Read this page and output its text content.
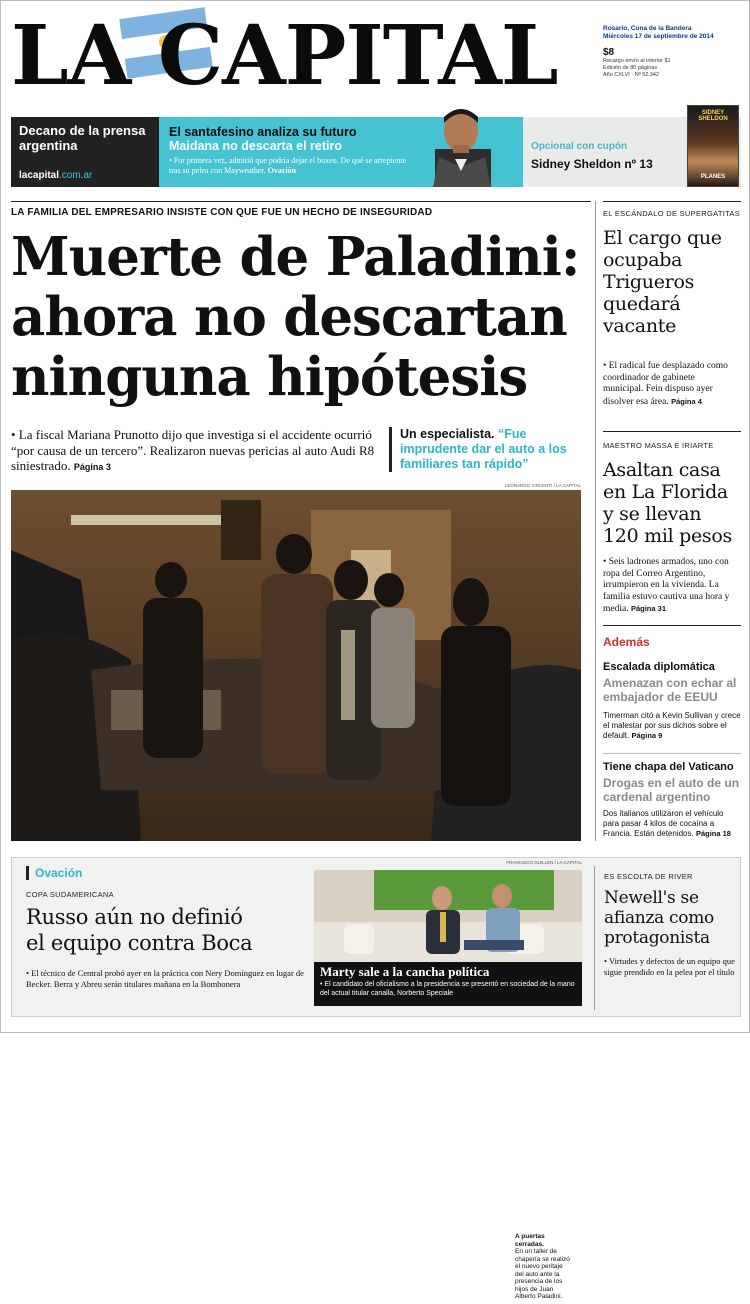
LA CAPITAL	Rosario, Cuna de la Bandera
Miércoles 17 de septiembre de 2014
$8
Recargo envío al interior $1
Edición de 80 páginas
Año CXLVI · Nº 52.342
Decano de la prensa argentina
lacapital.com.ar
El santafesino analiza su futuro
Maidana no descarta el retiro
• Por primera vez, admitió que podría dejar el boxeo. De qué se arrepiente tras su pelea con Mayweather. Ovación
Opcional con cupón
Sidney Sheldon nº 13
SIDNEY SHELDON
PLANES
LA FAMILIA DEL EMPRESARIO INSISTE CON QUE FUE UN HECHO DE INSEGURIDAD
Muerte de Paladini:
ahora no descartan
ninguna hipótesis
• La fiscal Mariana Prunotto dijo que investiga si el accidente ocurrió “por causa de un tercero”. Realizaron nuevas pericias al auto Audi R8 siniestrado. Página 3
Un especialista. “Fue imprudente dar el auto a los familiares tan rápido”
LEONARDO VINCENTI / LA CAPITAL
A puertas cerradas.
En un taller de chapería se realizó el nuevo peritaje del auto ante la presencia de los hijos de Juan Alberto Paladini.
EL ESCÁNDALO DE SUPERGATITAS
El cargo que ocupaba Trigueros quedará vacante
• El radical fue desplazado como coordinador de gabinete municipal. Fein dispuso ayer disolver esa área. Página 4
MAESTRO MASSA E IRIARTE
Asaltan casa en La Florida y se llevan 120 mil pesos
• Seis ladrones armados, uno con ropa del Correo Argentino, irrumpieron en la vivienda. La familia estuvo cautiva una hora y media. Página 31
Además
Escalada diplomática
Amenazan con echar al embajador de EEUU
Timerman citó a Kevin Sullivan y crece el malestar por sus dichos sobre el default. Página 9
Tiene chapa del Vaticano
Drogas en el auto de un cardenal argentino
Dos italianos utilizaron el vehículo para pasar 4 kilos de cocaína a Francia. Están detenidos. Página 18
Ovación
COPA SUDAMERICANA
Russo aún no definió
el equipo contra Boca
• El técnico de Central probó ayer en la práctica con Nery Domínguez en lugar de Becker. Berra y Abreu serán titulares mañana en la Bombonera
FRANCISCO GUILLÉN / LA CAPITAL
Marty sale a la cancha política
• El candidato del oficialismo a la presidencia se presentó en sociedad de la mano del actual titular canalla, Norberto Speciale
ES ESCOLTA DE RIVER
Newell's se afianza como protagonista
• Virtudes y defectos de un equipo que sigue prendido en la pelea por el título
